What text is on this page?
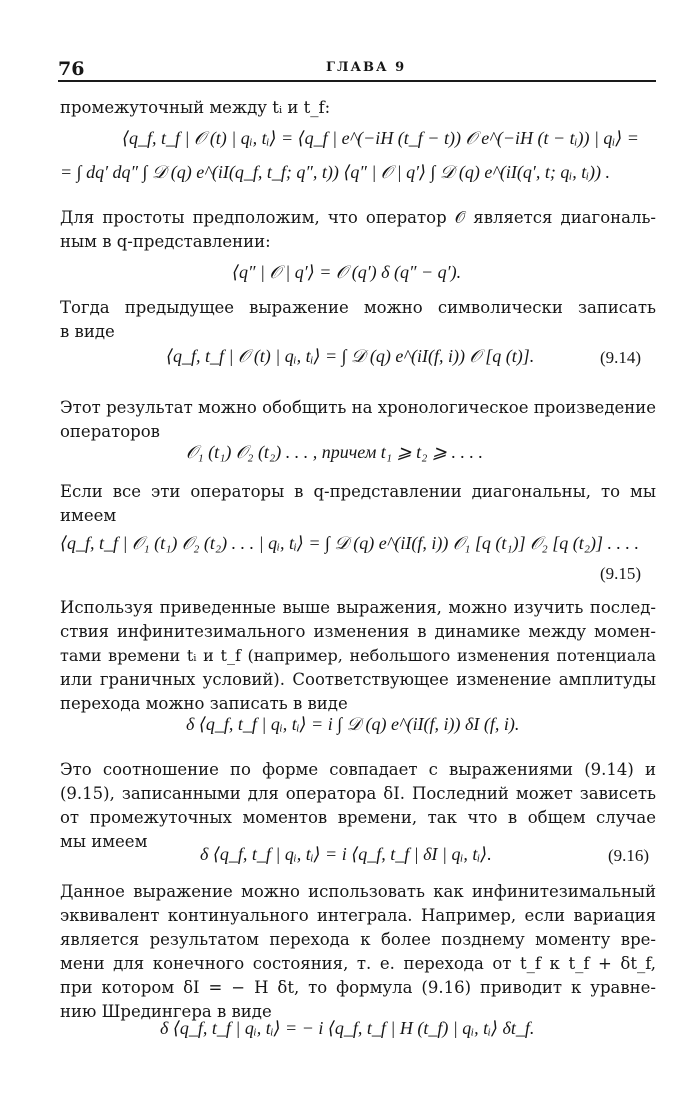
76	ГЛАВА 9
промежуточный между tᵢ и t_f:
⟨q_f, t_f | 𝒪 (t) | qᵢ, tᵢ⟩ = ⟨q_f | e^(−iH (t_f − t)) 𝒪 e^(−iH (t − tᵢ)) | qᵢ⟩ =
= ∫ dq′ dq″ ∫ 𝒟 (q) e^(iI(q_f, t_f; q″, t)) ⟨q″ | 𝒪 | q′⟩ ∫ 𝒟 (q) e^(iI(q′, t; qᵢ, tᵢ)) .
Для простоты предположим, что оператор 𝒪 является диагональ-
ным в q-представлении:
⟨q″ | 𝒪 | q′⟩ = 𝒪 (q′) δ (q″ − q′).
Тогда предыдущее выражение можно символически записать
в виде
⟨q_f, t_f | 𝒪 (t) | qᵢ, tᵢ⟩ = ∫ 𝒟 (q) e^(iI(f, i)) 𝒪 [q (t)].	(9.14)
Этот результат можно обобщить на хронологическое произведение
операторов
𝒪₁ (t₁) 𝒪₂ (t₂) . . . , причем t₁ ⩾ t₂ ⩾ . . . .
Если все эти операторы в q-представлении диагональны, то мы
имеем
⟨q_f, t_f | 𝒪₁ (t₁) 𝒪₂ (t₂) . . . | qᵢ, tᵢ⟩ = ∫ 𝒟 (q) e^(iI(f, i)) 𝒪₁ [q (t₁)] 𝒪₂ [q (t₂)] . . . .
(9.15)
Используя приведенные выше выражения, можно изучить послед-
ствия инфинитезимального изменения в динамике между момен-
тами времени tᵢ и t_f (например, небольшого изменения потенциала
или граничных условий). Соответствующее изменение амплитуды
перехода можно записать в виде
δ ⟨q_f, t_f | qᵢ, tᵢ⟩ = i ∫ 𝒟 (q) e^(iI(f, i)) δI (f, i).
Это соотношение по форме совпадает с выражениями (9.14) и
(9.15), записанными для оператора δI. Последний может зависеть
от промежуточных моментов времени, так что в общем случае
мы имеем
δ ⟨q_f, t_f | qᵢ, tᵢ⟩ = i ⟨q_f, t_f | δI | qᵢ, tᵢ⟩.	(9.16)
Данное выражение можно использовать как инфинитезимальный
эквивалент континуального интеграла. Например, если вариация
является результатом перехода к более позднему моменту вре-
мени для конечного состояния, т. е. перехода от t_f к t_f + δt_f,
при котором δI = − H δt, то формула (9.16) приводит к уравне-
нию Шредингера в виде
δ ⟨q_f, t_f | qᵢ, tᵢ⟩ = − i ⟨q_f, t_f | H (t_f) | qᵢ, tᵢ⟩ δt_f.
